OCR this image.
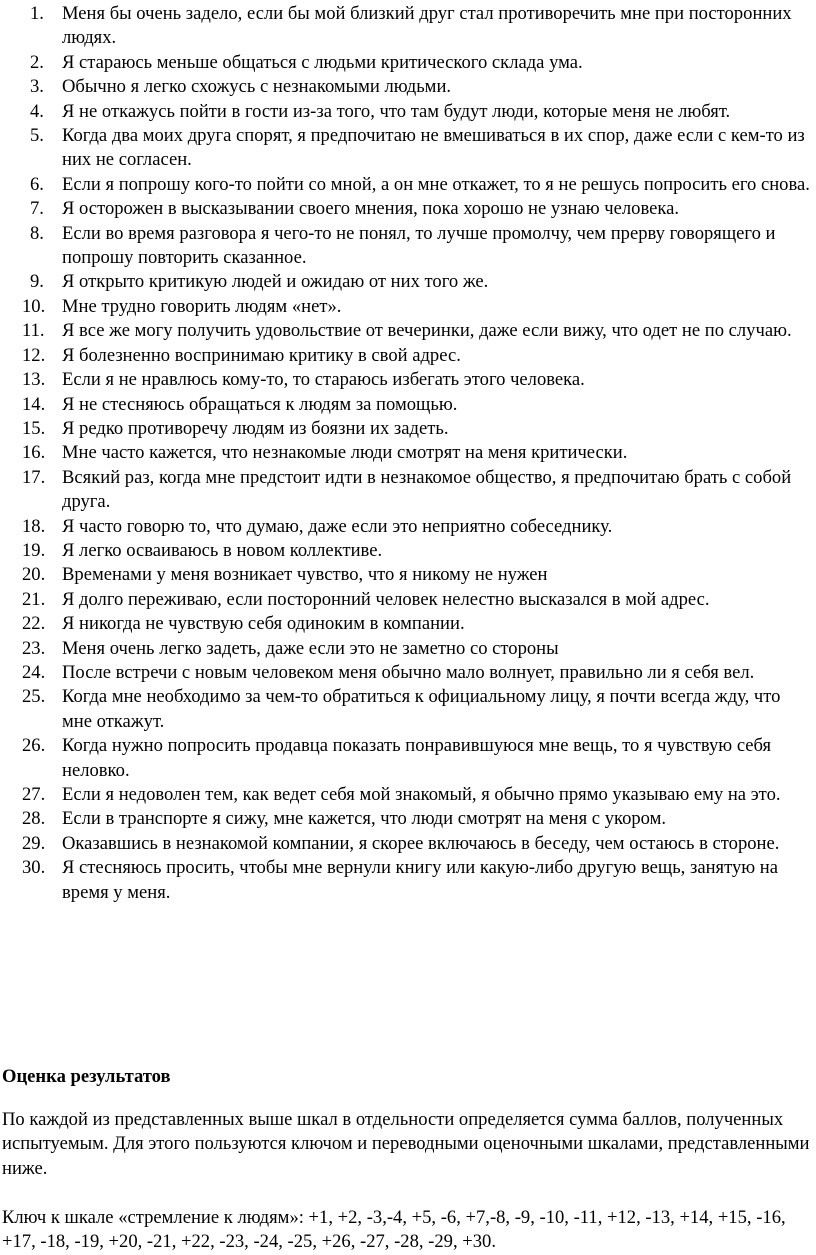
1. Меня бы очень задело, если бы мой близкий друг стал противоречить мне при посторонних людях.
2. Я стараюсь меньше общаться с людьми критического склада ума.
3. Обычно я легко схожусь с незнакомыми людьми.
4. Я не откажусь пойти в гости из-за того, что там будут люди, которые меня не любят.
5. Когда два моих друга спорят, я предпочитаю не вмешиваться в их спор, даже если с кем-то из них не согласен.
6. Если я попрошу кого-то пойти со мной, а он мне откажет, то я не решусь попросить его снова.
7. Я осторожен в высказывании своего мнения, пока хорошо не узнаю человека.
8. Если во время разговора я чего-то не понял, то лучше промолчу, чем прерву говорящего и попрошу повторить сказанное.
9. Я открыто критикую людей и ожидаю от них того же.
10. Мне трудно говорить людям «нет».
11. Я все же могу получить удовольствие от вечеринки, даже если вижу, что одет не по случаю.
12. Я болезненно воспринимаю критику в свой адрес.
13. Если я не нравлюсь кому-то, то стараюсь избегать этого человека.
14. Я не стесняюсь обращаться к людям за помощью.
15. Я редко противоречу людям из боязни их задеть.
16. Мне часто кажется, что незнакомые люди смотрят на меня критически.
17. Всякий раз, когда мне предстоит идти в незнакомое общество, я предпочитаю брать с собой друга.
18. Я часто говорю то, что думаю, даже если это неприятно собеседнику.
19. Я легко осваиваюсь в новом коллективе.
20. Временами у меня возникает чувство, что я никому не нужен
21. Я долго переживаю, если посторонний человек нелестно высказался в мой адрес.
22. Я никогда не чувствую себя одиноким в компании.
23. Меня очень легко задеть, даже если это не заметно со стороны
24. После встречи с новым человеком меня обычно мало волнует, правильно ли я себя вел.
25. Когда мне необходимо за чем-то обратиться к официальному лицу, я почти всегда жду, что мне откажут.
26. Когда нужно попросить продавца показать понравившуюся мне вещь, то я чувствую себя неловко.
27. Если я недоволен тем, как ведет себя мой знакомый, я обычно прямо указываю ему на это.
28. Если в транспорте я сижу, мне кажется, что люди смотрят на меня с укором.
29. Оказавшись в незнакомой компании, я скорее включаюсь в беседу, чем остаюсь в стороне.
30. Я стесняюсь просить, чтобы мне вернули книгу или какую-либо другую вещь, занятую на время у меня.
Оценка результатов

По каждой из представленных выше шкал в отдельности определяется сумма баллов, полученных испытуемым. Для этого пользуются ключом и переводными оценочными шкалами, представленными ниже.

Ключ к шкале «стремление к людям»: +1, +2, -3,-4, +5, -6, +7,-8, -9, -10, -11, +12, -13, +14, +15, -16, +17, -18, -19, +20, -21, +22, -23, -24, -25, +26, -27, -28, -29, +30.
